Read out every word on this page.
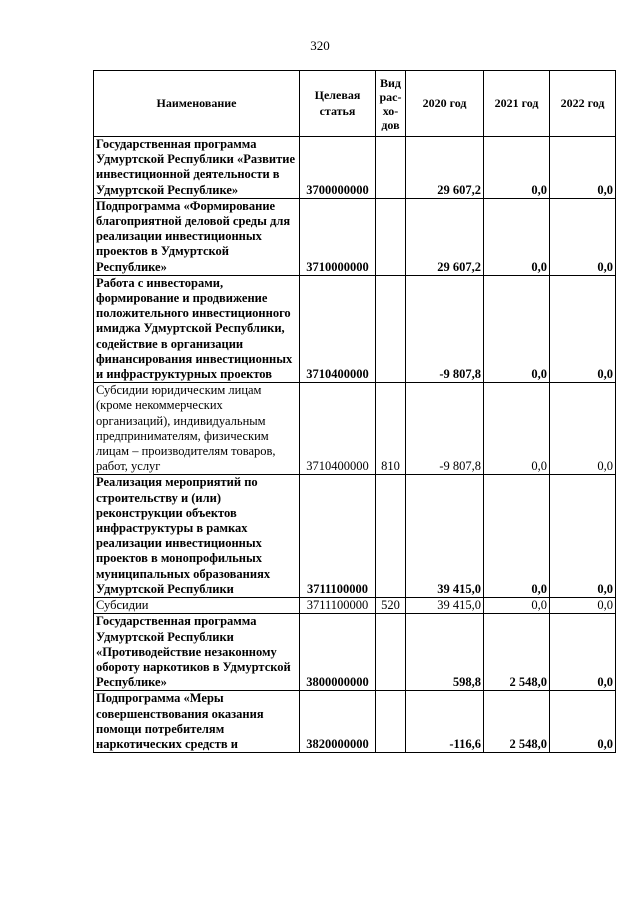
320
Наименование	Целевая статья	Вид рас- хо- дов	2020 год	2021 год	2022 год
Государственная программа Удмуртской Республики «Развитие инвестиционной деятельности в Удмуртской Республике»	3700000000		29 607,2	0,0	0,0
Подпрограмма «Формирование благоприятной деловой среды для реализации инвестиционных проектов в Удмуртской Республике»	3710000000		29 607,2	0,0	0,0
Работа с инвесторами, формирование и продвижение положительного инвестиционного имиджа Удмуртской Республики, содействие в организации финансирования инвестиционных и инфраструктурных проектов	3710400000		-9 807,8	0,0	0,0
Субсидии юридическим лицам (кроме некоммерческих организаций), индивидуальным предпринимателям, физическим лицам – производителям товаров, работ, услуг	3710400000	810	-9 807,8	0,0	0,0
Реализация мероприятий по строительству и (или) реконструкции объектов инфраструктуры в рамках реализации инвестиционных проектов в монопрофильных муниципальных образованиях Удмуртской Республики	3711100000		39 415,0	0,0	0,0
Субсидии	3711100000	520	39 415,0	0,0	0,0
Государственная программа Удмуртской Республики «Противодействие незаконному обороту наркотиков в Удмуртской Республике»	3800000000		598,8	2 548,0	0,0
Подпрограмма «Меры совершенствования оказания помощи потребителям наркотических средств и	3820000000		-116,6	2 548,0	0,0
